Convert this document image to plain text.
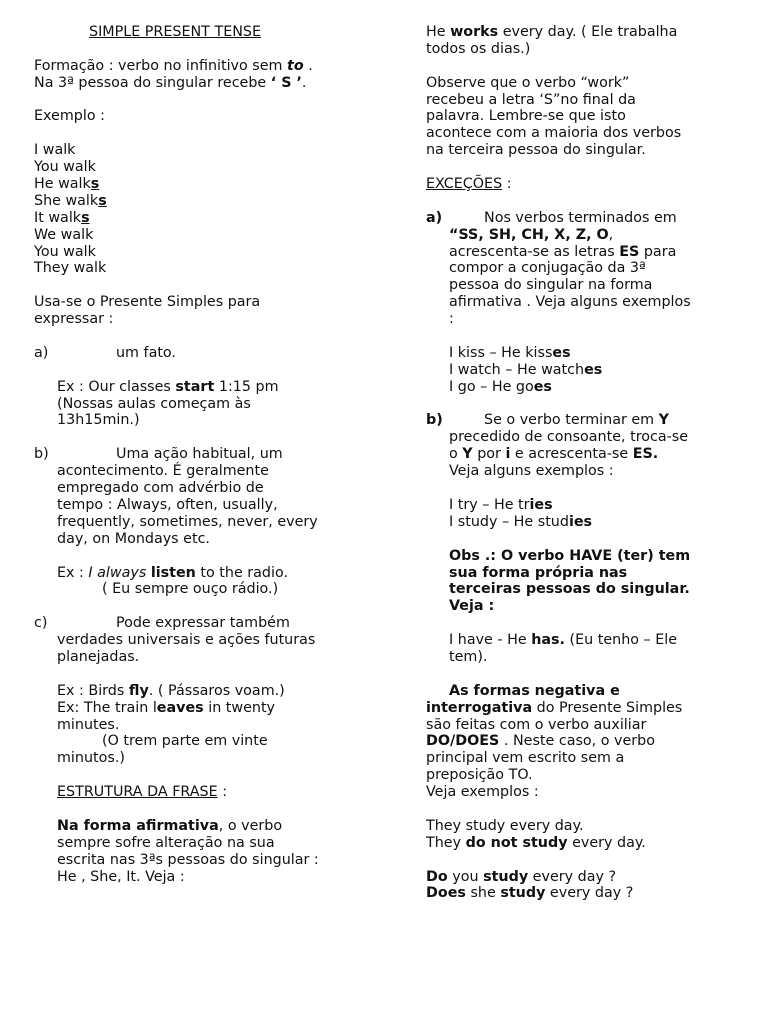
SIMPLE PRESENT TENSE
Formação : verbo no infinitivo sem to .
Na 3ª pessoa do singular recebe ‘ S ’.
Exemplo :
I walk
You walk
He walks
She walks
It walks
We walk
You walk
They walk
Usa-se o Presente Simples para
expressar :
a)	um fato.
Ex : Our classes start 1:15 pm
(Nossas aulas começam às
13h15min.)
b)	Uma ação habitual, um
acontecimento. É geralmente
empregado com advérbio de
tempo : Always, often, usually,
frequently, sometimes, never, every
day, on Mondays etc.
Ex : I always listen to the radio.
( Eu sempre ouço rádio.)
c)	Pode expressar também
verdades universais e ações futuras
planejadas.
Ex : Birds fly. ( Pássaros voam.)
Ex: The train leaves in twenty
minutes.
(O trem parte em vinte
minutos.)
ESTRUTURA DA FRASE :
Na forma afirmativa, o verbo
sempre sofre alteração na sua
escrita nas 3ªs pessoas do singular :
He , She, It. Veja :
He works every day. ( Ele trabalha
todos os dias.)
Observe que o verbo “work”
recebeu a letra ‘S”no final da
palavra. Lembre-se que isto
acontece com a maioria dos verbos
na terceira pessoa do singular.
EXCEÇÕES :
a)	Nos verbos terminados em
“SS, SH, CH, X, Z, O,
acrescenta-se as letras ES para
compor a conjugação da 3ª
pessoa do singular na forma
afirmativa . Veja alguns exemplos
:
I kiss – He kisses
I watch – He watches
I go – He goes
b)	Se o verbo terminar em Y
precedido de consoante, troca-se
o Y por i e acrescenta-se ES.
Veja alguns exemplos :
I try – He tries
I study – He studies
Obs .: O verbo HAVE (ter) tem
sua forma própria nas
terceiras pessoas do singular.
Veja :
I have - He has. (Eu tenho – Ele
tem).
As formas negativa e
interrogativa do Presente Simples
são feitas com o verbo auxiliar
DO/DOES . Neste caso, o verbo
principal vem escrito sem a
preposição TO.
Veja exemplos :
They study every day.
They do not study every day.
Do you study every day ?
Does she study every day ?
